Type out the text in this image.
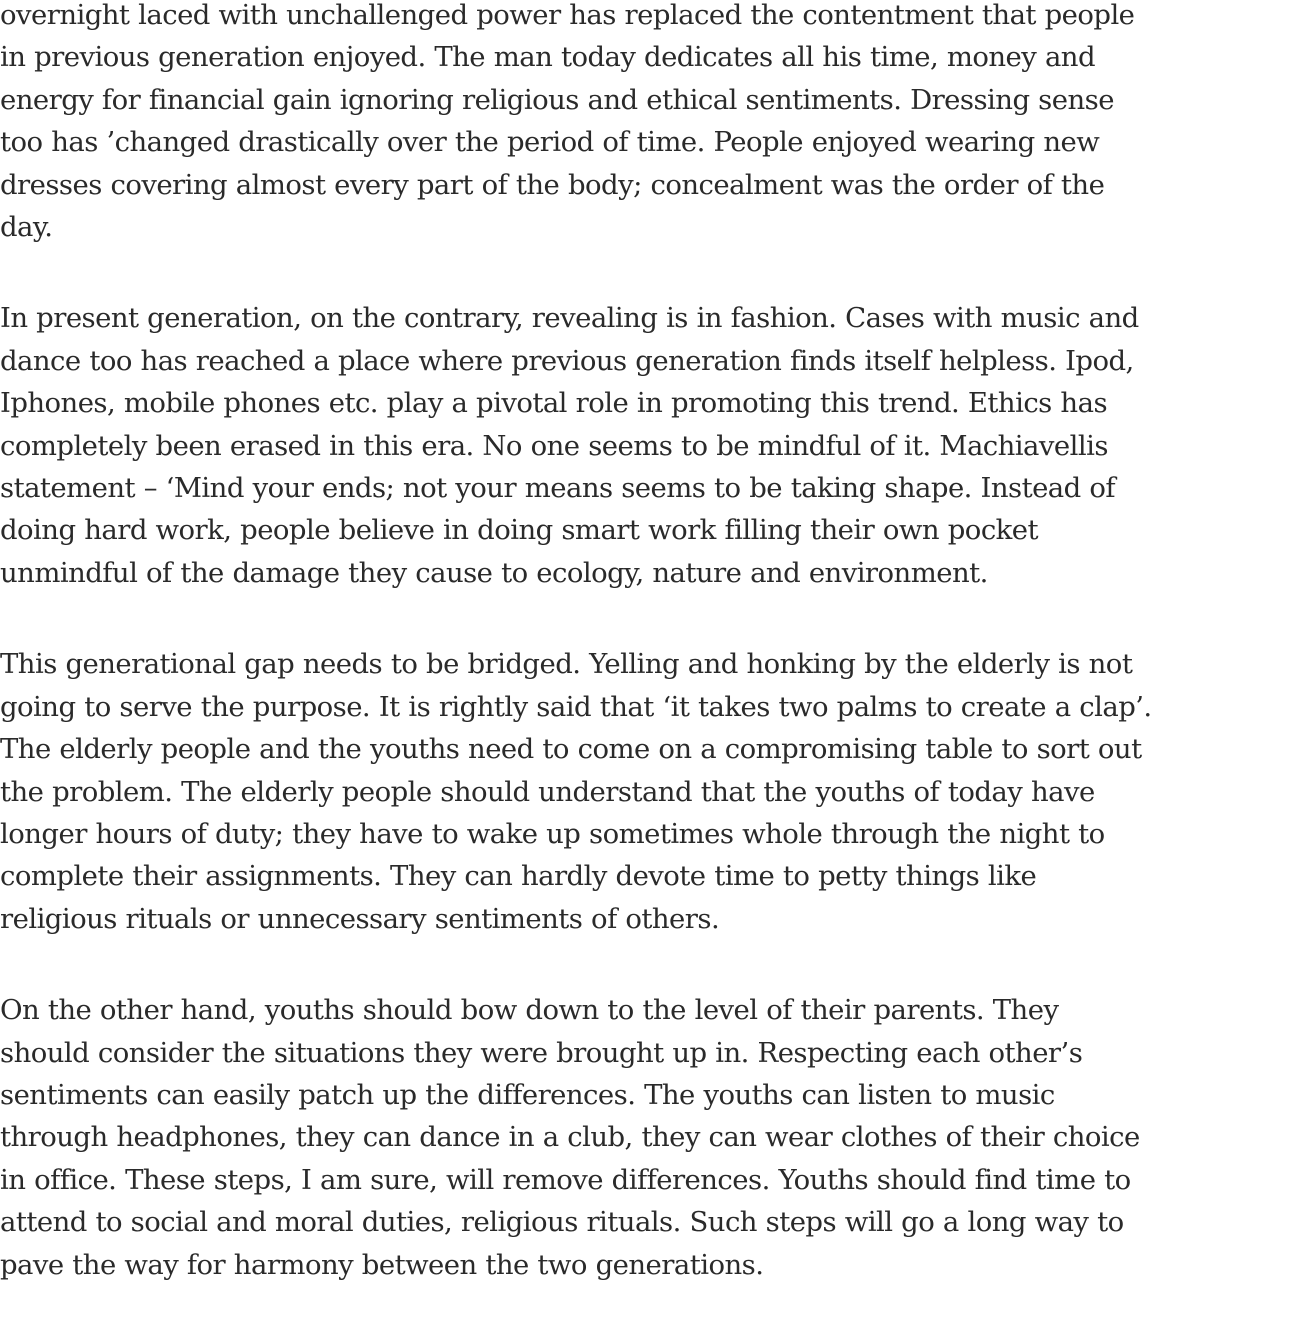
overnight laced with unchallenged power has replaced the contentment that people
in previous generation enjoyed. The man today dedicates all his time, money and
energy for financial gain ignoring religious and ethical sentiments. Dressing sense
too has ’changed drastically over the period of time. People enjoyed wearing new
dresses covering almost every part of the body; concealment was the order of the
day.
In present generation, on the contrary, revealing is in fashion. Cases with music and
dance too has reached a place where previous generation finds itself helpless. Ipod,
Iphones, mobile phones etc. play a pivotal role in promoting this trend. Ethics has
completely been erased in this era. No one seems to be mindful of it. Machiavellis
statement – ‘Mind your ends; not your means seems to be taking shape. Instead of
doing hard work, people believe in doing smart work filling their own pocket
unmindful of the damage they cause to ecology, nature and environment.
This generational gap needs to be bridged. Yelling and honking by the elderly is not
going to serve the purpose. It is rightly said that ‘it takes two palms to create a clap’.
The elderly people and the youths need to come on a compromising table to sort out
the problem. The elderly people should understand that the youths of today have
longer hours of duty; they have to wake up sometimes whole through the night to
complete their assignments. They can hardly devote time to petty things like
religious rituals or unnecessary sentiments of others.
On the other hand, youths should bow down to the level of their parents. They
should consider the situations they were brought up in. Respecting each other’s
sentiments can easily patch up the differences. The youths can listen to music
through headphones, they can dance in a club, they can wear clothes of their choice
in office. These steps, I am sure, will remove differences. Youths should find time to
attend to social and moral duties, religious rituals. Such steps will go a long way to
pave the way for harmony between the two generations.
